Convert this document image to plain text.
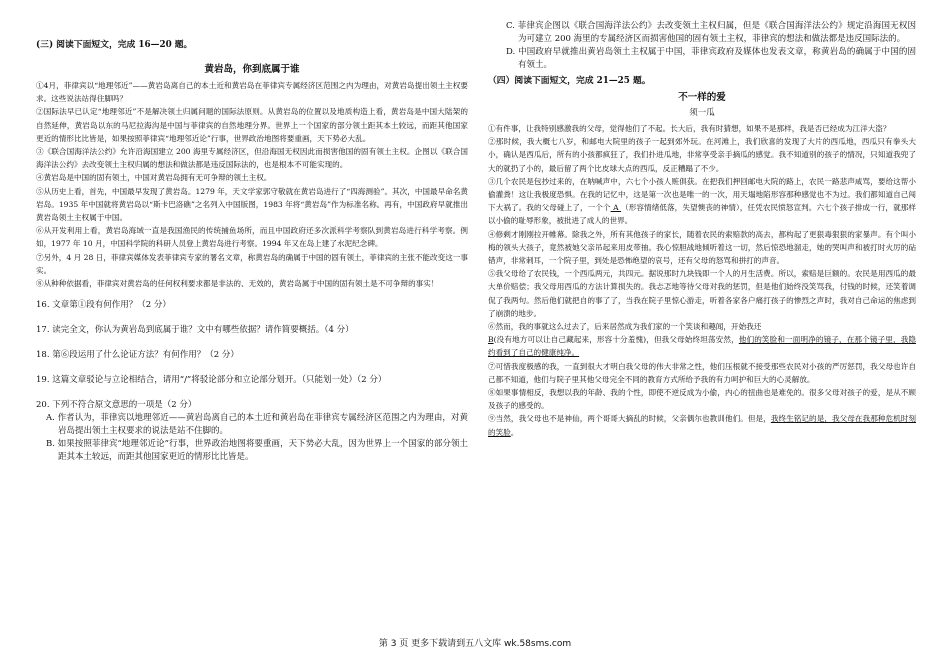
(三) 阅读下面短文，完成 16—20 题。

黄岩岛，你到底属于谁

①4月，菲律宾以“地理邻近”——黄岩岛离自己的本土近和黄岩岛在菲律宾专属经济区范围之内为理由，对黄岩岛提出领土主权要求。这些说法站得住脚吗？

②国际法早已认定“地理邻近”不是解决领土归属问题的国际法原则。从黄岩岛的位置以及地质构造上看，黄岩岛是中国大陆架的自然延伸，黄岩岛以东的马尼拉海沟是中国与菲律宾的自然地理分界。世界上一个国家的部分领土距其本土较远，而距其他国家更近的情形比比皆是，如果按照菲律宾“地理邻近论”行事，世界政治地图将要重画，天下势必大乱。

③《联合国海洋法公约》允许沿海国建立 200 海里专属经济区，但沿海国无权因此而损害他国的固有领土主权。企图以《联合国海洋法公约》去改变领土主权归属的想法和做法都是违反国际法的，也是根本不可能实现的。

④黄岩岛是中国的固有领土，中国对黄岩岛拥有无可争辩的领土主权。

⑤从历史上看，首先，中国最早发现了黄岩岛。1279 年，天文学家郭守敬就在黄岩岛进行了“四海测验”。其次，中国最早命名黄岩岛。1935 年中国就将黄岩岛以“斯卡巴洛礁”之名列入中国版图，1983 年将“黄岩岛”作为标准名称。再有，中国政府早就推出黄岩岛领土主权属于中国。

⑥从开发利用上看，黄岩岛海域一直是我国渔民的传统捕鱼场所，而且中国政府还多次派科学考察队到黄岩岛进行科学考察。例如，1977 年 10 月，中国科学院的科研人员登上黄岩岛进行考察。1994 年又在岛上建了水泥纪念碑。

⑦另外，4 月 28 日，菲律宾媒体发表菲律宾专家的署名文章，称黄岩岛的确属于中国的固有领土，菲律宾的主张不能改变这一事实。

⑧从种种依据看，菲律宾对黄岩岛的任何权利要求都是非法的、无效的，黄岩岛属于中国的固有领土是不可争辩的事实！

16. 文章第①段有何作用？（2 分）

17. 读完全文，你认为黄岩岛到底属于谁？文中有哪些依据？请作简要概括。（4 分）

18. 第⑥段运用了什么论证方法？有何作用？（2 分）

19. 这篇文章驳论与立论相结合，请用“/”将驳论部分和立论部分划开。（只能划一处）（2 分）

20. 下列不符合原文意思的一项是（2 分）

A. 作者认为，菲律宾以地理邻近——黄岩岛离自己的本土近和黄岩岛在菲律宾专属经济区范围之内为理由，对黄岩岛提出领土主权要求的说法是站不住脚的。

B. 如果按照菲律宾“地理邻近论”行事，世界政治地图将要重画，天下势必大乱，因为世界上一个国家的部分领土距其本土较远，而距其他国家更近的情形比比皆是。

C. 菲律宾企图以《联合国海洋法公约》去改变领土主权归属，但是《联合国海洋法公约》规定沿海国无权因为可建立 200 海里的专属经济区而损害他国的固有领土主权，菲律宾的想法和做法都是违反国际法的。

D. 中国政府早就推出黄岩岛领土主权属于中国，菲律宾政府及媒体也发表文章，称黄岩岛的确属于中国的固有领土。

（四）阅读下面短文，完成 21—25 题。

不一样的爱

须一瓜

①有件事，让我特别感激我的父母，觉得他们了不起。长大后，我有时猜想，如果不是那样，我是否已经成为江洋大盗？

②那时候，我大概七八岁，和邮电大院里的孩子一起到郊外玩。在河滩上，我们欣喜的发现了大片的西瓜地，西瓜只有拳头大小，确认是西瓜后，所有的小孩都疯狂了，我们扑进瓜地，非常享受亲手摘瓜的感觉。我不知道别的孩子的情况，只知道我兜了大的就扔了小的，最后留了两个比皮球大点的西瓜，反正糟蹋了不少。

③几个农民是包抄过来的，在呐喊声中，六七个小孩人赃俱获。在把我们押回邮电大院的路上，农民一路悲声咸骂，要给这帮小偷灌粪！这让我极度恐惧。在我的记忆中，这是第一次也是唯一的一次，用天塌地陷形容那种感觉也不为过。我们都知道自己闯下大祸了。我的父母碰上了，一个个 A （形容情绪低落，失望懊丧的神情），任凭农民愤怒宣判。六七个孩子排成一行，就那样以小偷的耻辱形象，被批进了成人的世界。

④修剩才刚刚拉开帷幕。除我之外，所有其他孩子的家长，随着农民的索赔款的高去，都构起了更狠毒狠狠的家暴声。有个叫小梅的领头大孩子，竟然被她父亲吊起来用皮带抽。我心惊胆战地倾听着这一切，然后惊恐地溜走，她的哭叫声和被打时火厉的砧错声，非常刺耳，一个院子里，到处是恐怖绝望的哀号，还有父母的怒骂和拼打的声音。

⑤我父母给了农民钱，一个西瓜两元，共四元。据说那时九块钱即一个人的月生活费。所以，索赔是巨额的。农民是用西瓜的最大单价赔偿；我父母用西瓜的方法计算损失的。我忐忑地等待父母对我的惩罚，但是他们始终没笑骂我，付钱的时候，还笑着调侃了我两句。然后他们就把自的事了了，当我在院子里惊心游走，听着各家各户痛打孩子的惨烈之声时，我对自己命运的焦虑到了崩溃的地步。

⑥然而，我的事就这么过去了，后来居然成为我们家的一个笑谈和趣闻，开始我还

B(没有地方可以让自己藏起来，形容十分羞愧)，但我父母始终坦荡安然，他们的笑脸和一面明净的镜子，在那个镜子里，我隐约看到了自己的健康纯净。

⑦可惜我度极感的我，一直到很大才明白我父母的伟大非常之性，他们压根就不接受那些农民对小孩的严厉惩罚，我父母也许自己都不知道，他们与院子里其他父母完全不同的教育方式所给予我的有力呵护和巨大的心灵解放。

⑧如果事情相反，我想以我的年龄、我的个性，即使不逆反成为小偷，内心的扭曲也是难免的。很多父母对孩子的爱，是从不顾及孩子的感受的。

⑨当然，我父母也不是神仙，两个哥哥大摘乱的时候，父亲偶尔也教训他们。但是，我终生铭记的是，我父母在我那种危机时刻的笑脸。

第 3 页 更多下载请到五八文库 wk.58sms.com
